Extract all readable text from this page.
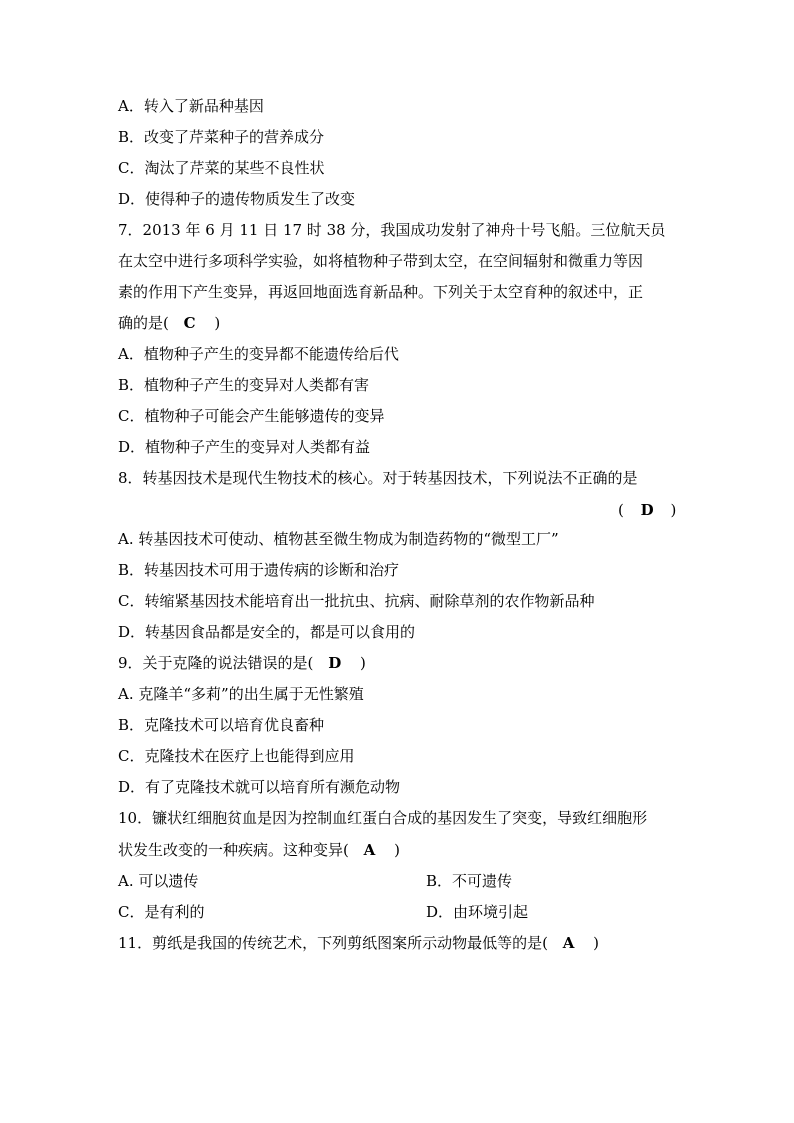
A．转入了新品种基因
B．改变了芹菜种子的营养成分
C．淘汰了芹菜的某些不良性状
D．使得种子的遗传物质发生了改变
7．2013 年 6 月 11 日 17 时 38 分，我国成功发射了神舟十号飞船。三位航天员
在太空中进行多项科学实验，如将植物种子带到太空，在空间辐射和微重力等因
素的作用下产生变异，再返回地面选育新品种。下列关于太空育种的叙述中，正
确的是( C )
A．植物种子产生的变异都不能遗传给后代
B．植物种子产生的变异对人类都有害
C．植物种子可能会产生能够遗传的变异
D．植物种子产生的变异对人类都有益
8．转基因技术是现代生物技术的核心。对于转基因技术，下列说法不正确的是
( D )
A. 转基因技术可使动、植物甚至微生物成为制造药物的“微型工厂”
B．转基因技术可用于遗传病的诊断和治疗
C．转缩紧基因技术能培育出一批抗虫、抗病、耐除草剂的农作物新品种
D．转基因食品都是安全的，都是可以食用的
9．关于克隆的说法错误的是( D )
A. 克隆羊“多莉”的出生属于无性繁殖
B．克隆技术可以培育优良畜种
C．克隆技术在医疗上也能得到应用
D．有了克隆技术就可以培育所有濒危动物
10．镰状红细胞贫血是因为控制血红蛋白合成的基因发生了突变，导致红细胞形
状发生改变的一种疾病。这种变异( A )
A. 可以遗传	B．不可遗传
C．是有利的	D．由环境引起
11．剪纸是我国的传统艺术，下列剪纸图案所示动物最低等的是( A )
